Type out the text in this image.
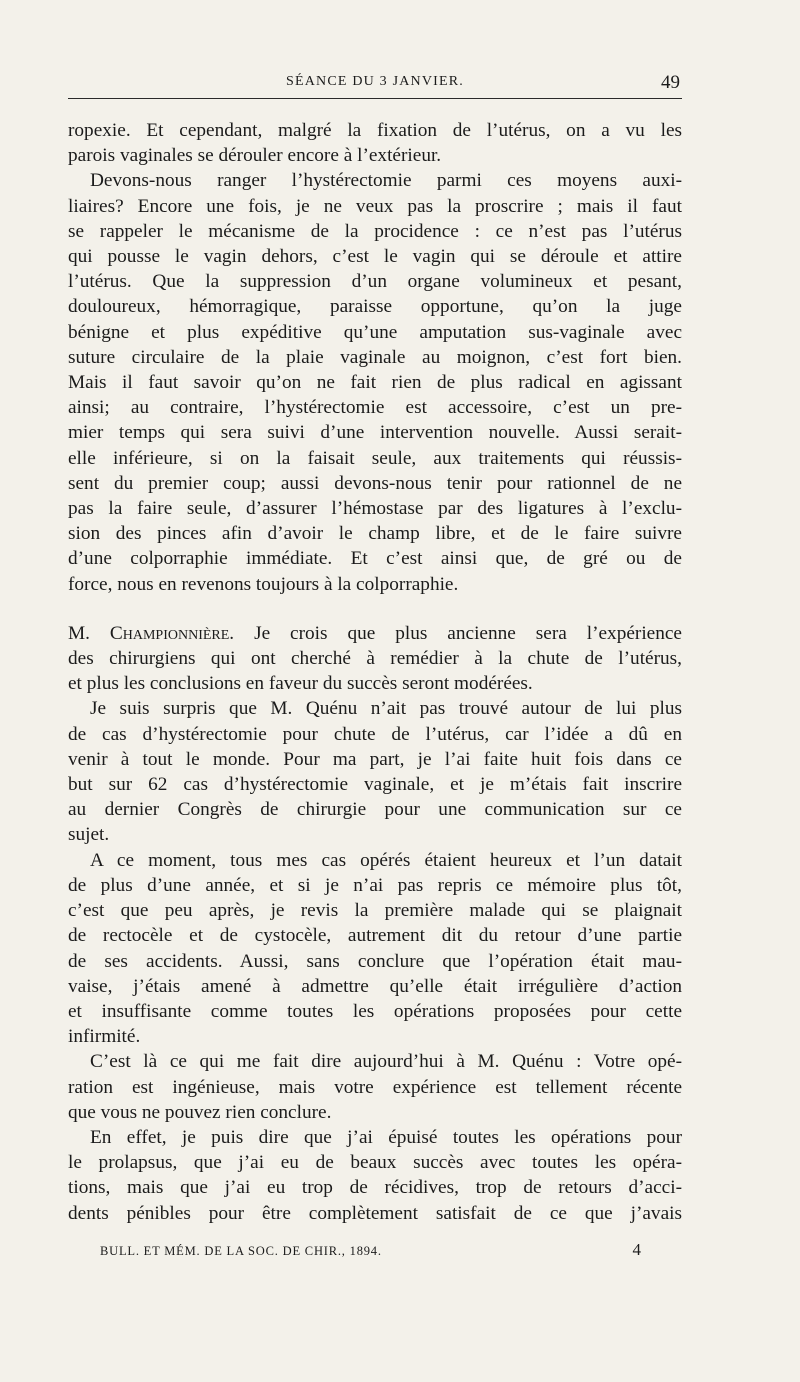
SÉANCE DU 3 JANVIER.	49
ropexie. Et cependant, malgré la fixation de l’utérus, on a vu les
parois vaginales se dérouler encore à l’extérieur.
Devons-nous ranger l’hystérectomie parmi ces moyens auxi-
liaires? Encore une fois, je ne veux pas la proscrire ; mais il faut
se rappeler le mécanisme de la procidence : ce n’est pas l’utérus
qui pousse le vagin dehors, c’est le vagin qui se déroule et attire
l’utérus. Que la suppression d’un organe volumineux et pesant,
douloureux, hémorragique, paraisse opportune, qu’on la juge
bénigne et plus expéditive qu’une amputation sus-vaginale avec
suture circulaire de la plaie vaginale au moignon, c’est fort bien.
Mais il faut savoir qu’on ne fait rien de plus radical en agissant
ainsi; au contraire, l’hystérectomie est accessoire, c’est un pre-
mier temps qui sera suivi d’une intervention nouvelle. Aussi serait-
elle inférieure, si on la faisait seule, aux traitements qui réussis-
sent du premier coup; aussi devons-nous tenir pour rationnel de ne
pas la faire seule, d’assurer l’hémostase par des ligatures à l’exclu-
sion des pinces afin d’avoir le champ libre, et de le faire suivre
d’une colporraphie immédiate. Et c’est ainsi que, de gré ou de
force, nous en revenons toujours à la colporraphie.
M. Championnière. Je crois que plus ancienne sera l’expérience
des chirurgiens qui ont cherché à remédier à la chute de l’utérus,
et plus les conclusions en faveur du succès seront modérées.
Je suis surpris que M. Quénu n’ait pas trouvé autour de lui plus
de cas d’hystérectomie pour chute de l’utérus, car l’idée a dû en
venir à tout le monde. Pour ma part, je l’ai faite huit fois dans ce
but sur 62 cas d’hystérectomie vaginale, et je m’étais fait inscrire
au dernier Congrès de chirurgie pour une communication sur ce
sujet.
A ce moment, tous mes cas opérés étaient heureux et l’un datait
de plus d’une année, et si je n’ai pas repris ce mémoire plus tôt,
c’est que peu après, je revis la première malade qui se plaignait
de rectocèle et de cystocèle, autrement dit du retour d’une partie
de ses accidents. Aussi, sans conclure que l’opération était mau-
vaise, j’étais amené à admettre qu’elle était irrégulière d’action
et insuffisante comme toutes les opérations proposées pour cette
infirmité.
C’est là ce qui me fait dire aujourd’hui à M. Quénu : Votre opé-
ration est ingénieuse, mais votre expérience est tellement récente
que vous ne pouvez rien conclure.
En effet, je puis dire que j’ai épuisé toutes les opérations pour
le prolapsus, que j’ai eu de beaux succès avec toutes les opéra-
tions, mais que j’ai eu trop de récidives, trop de retours d’acci-
dents pénibles pour être complètement satisfait de ce que j’avais
BULL. ET MÉM. DE LA SOC. DE CHIR., 1894.	4
